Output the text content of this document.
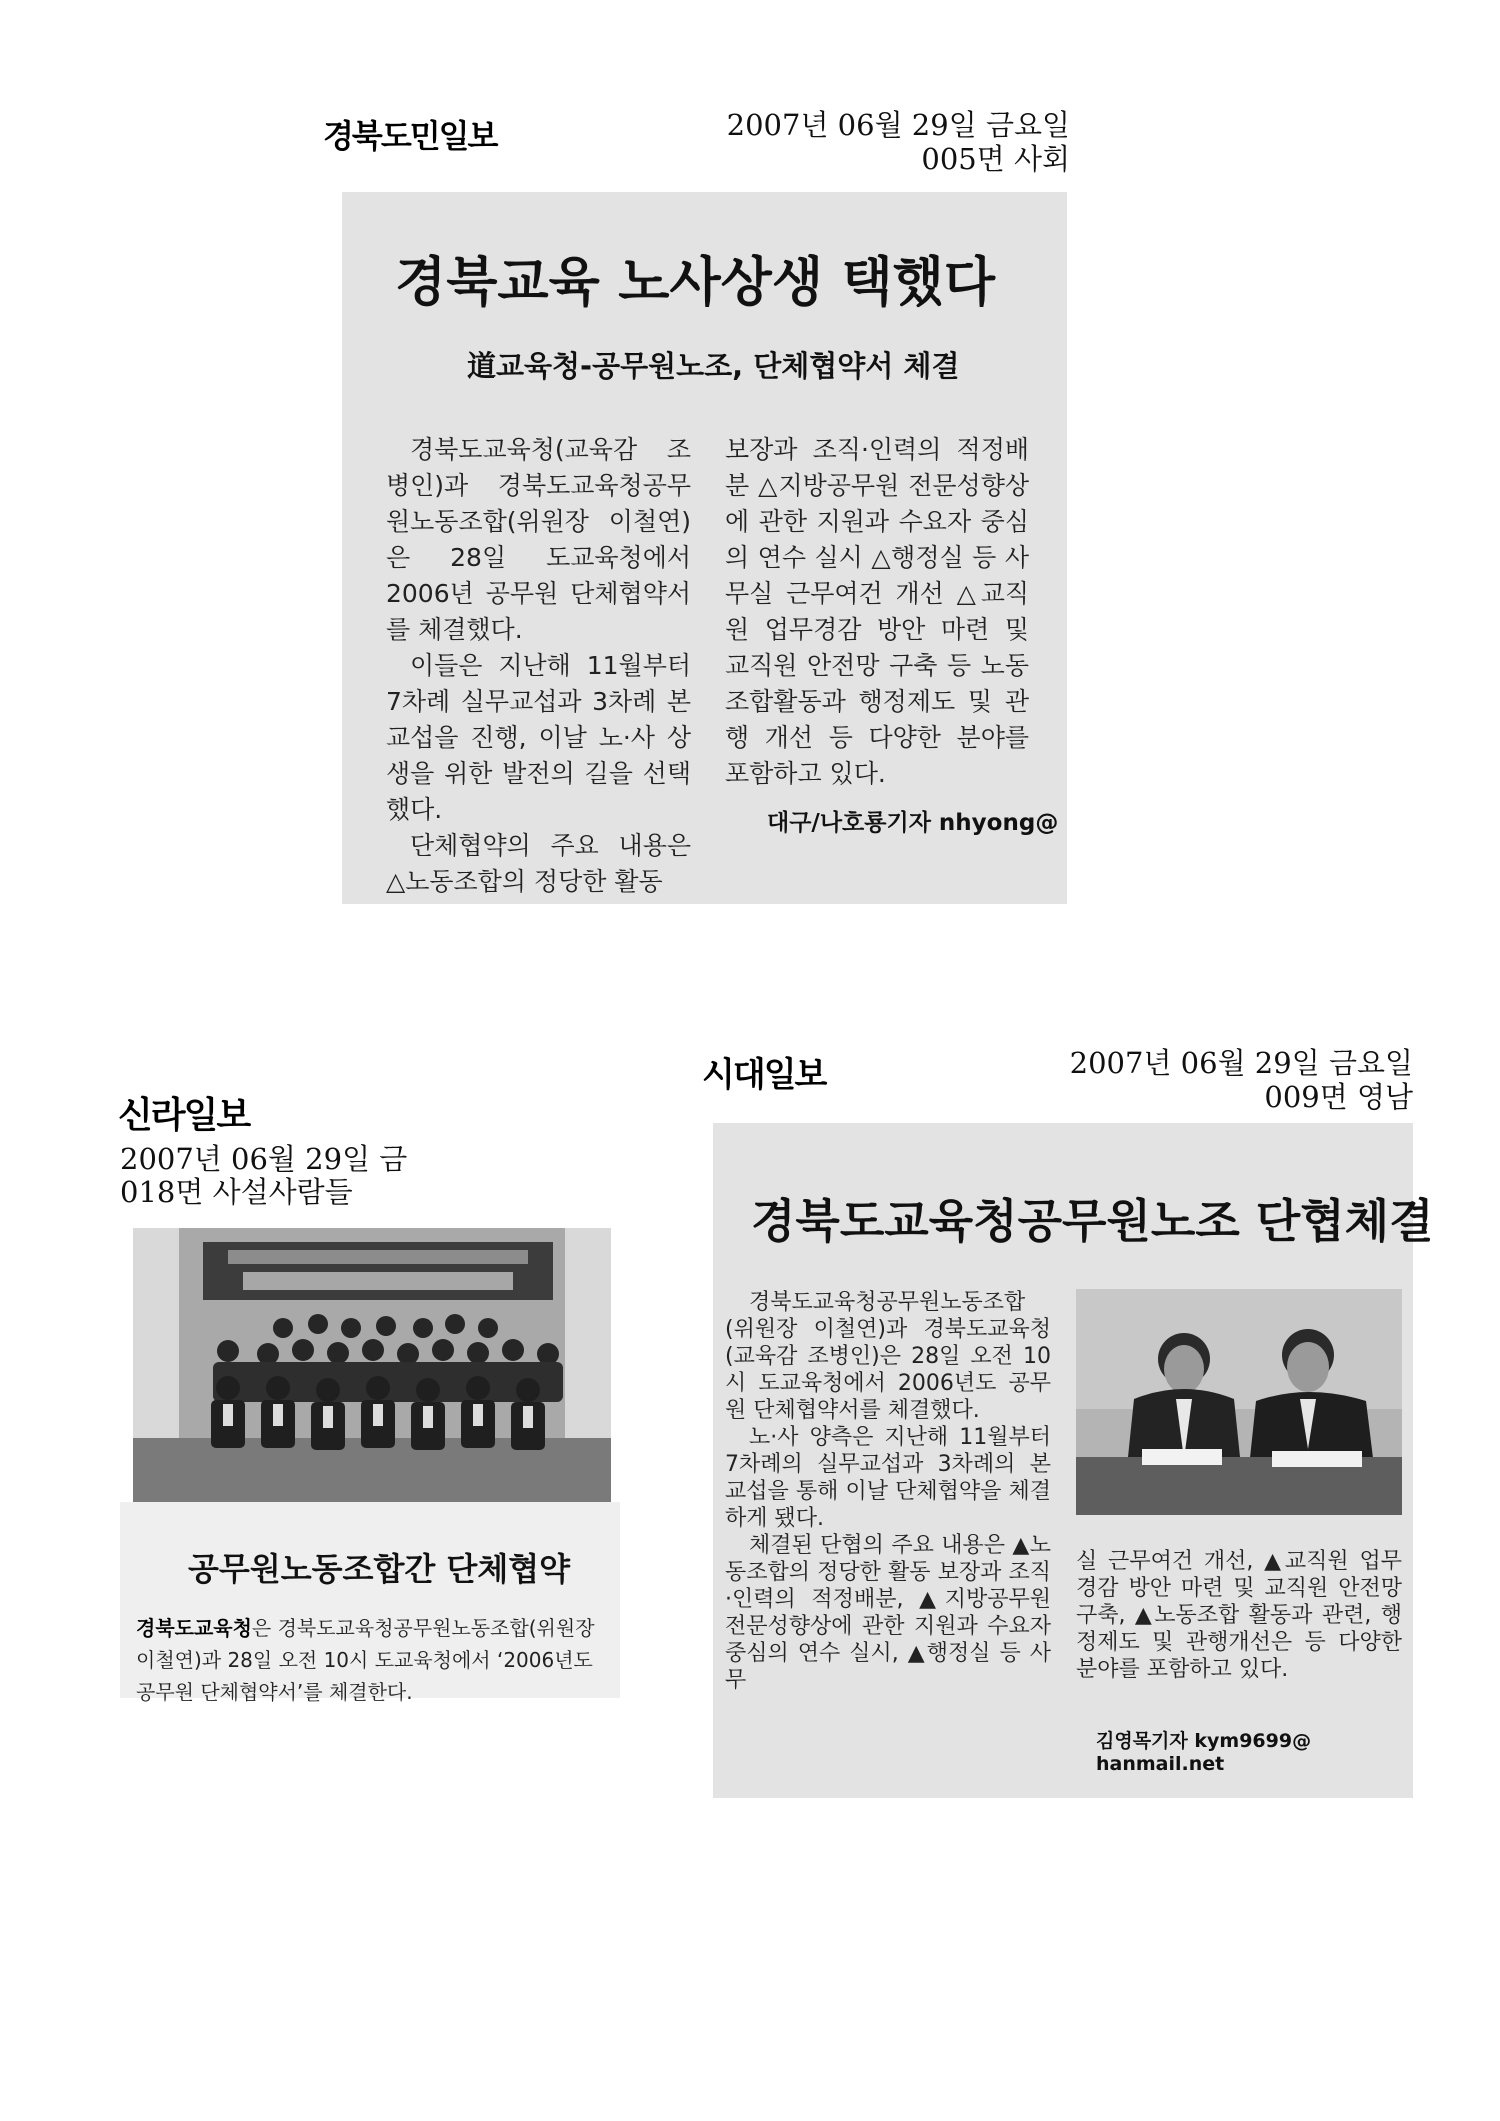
경북도민일보	2007년 06월 29일 금요일
005면 사회
경북교육 노사상생 택했다
道교육청-공무원노조, 단체협약서 체결

경북도교육청(교육감 조병인)과 경북도교육청공무원노동조합(위원장 이철연)은 28일 도교육청에서 2006년 공무원 단체협약서를 체결했다.

이들은 지난해 11월부터 7차례 실무교섭과 3차례 본교섭을 진행, 이날 노·사 상생을 위한 발전의 길을 선택했다.

단체협약의 주요 내용은 △노동조합의 정당한 활동

보장과 조직·인력의 적정배분 △지방공무원 전문성향상에 관한 지원과 수요자 중심의 연수 실시 △행정실 등 사무실 근무여건 개선 △교직원 업무경감 방안 마련 및 교직원 안전망 구축 등 노동조합활동과 행정제도 및 관행 개선 등 다양한 분야를 포함하고 있다.

대구/나호룡기자 nhyong@
신라일보
2007년 06월 29일 금
018면 사설사람들
공무원노동조합간 단체협약
경북도교육청은 경북도교육청공무원노동조합(위원장 이철연)과 28일 오전 10시 도교육청에서 ‘2006년도 공무원 단체협약서’를 체결한다.
시대일보	2007년 06월 29일 금요일
009면 영남
경북도교육청공무원노조 단협체결

경북도교육청공무원노동조합(위원장 이철연)과 경북도교육청(교육감 조병인)은 28일 오전 10시 도교육청에서 2006년도 공무원 단체협약서를 체결했다.

노·사 양측은 지난해 11월부터 7차례의 실무교섭과 3차례의 본 교섭을 통해 이날 단체협약을 체결하게 됐다.

체결된 단협의 주요 내용은 ▲노동조합의 정당한 활동 보장과 조직·인력의 적정배분, ▲지방공무원 전문성향상에 관한 지원과 수요자 중심의 연수 실시, ▲행정실 등 사무

실 근무여건 개선, ▲교직원 업무경감 방안 마련 및 교직원 안전망 구축, ▲노동조합 활동과 관련, 행정제도 및 관행개선은 등 다양한 분야를 포함하고 있다.

김영목기자 kym9699@ hanmail.net
